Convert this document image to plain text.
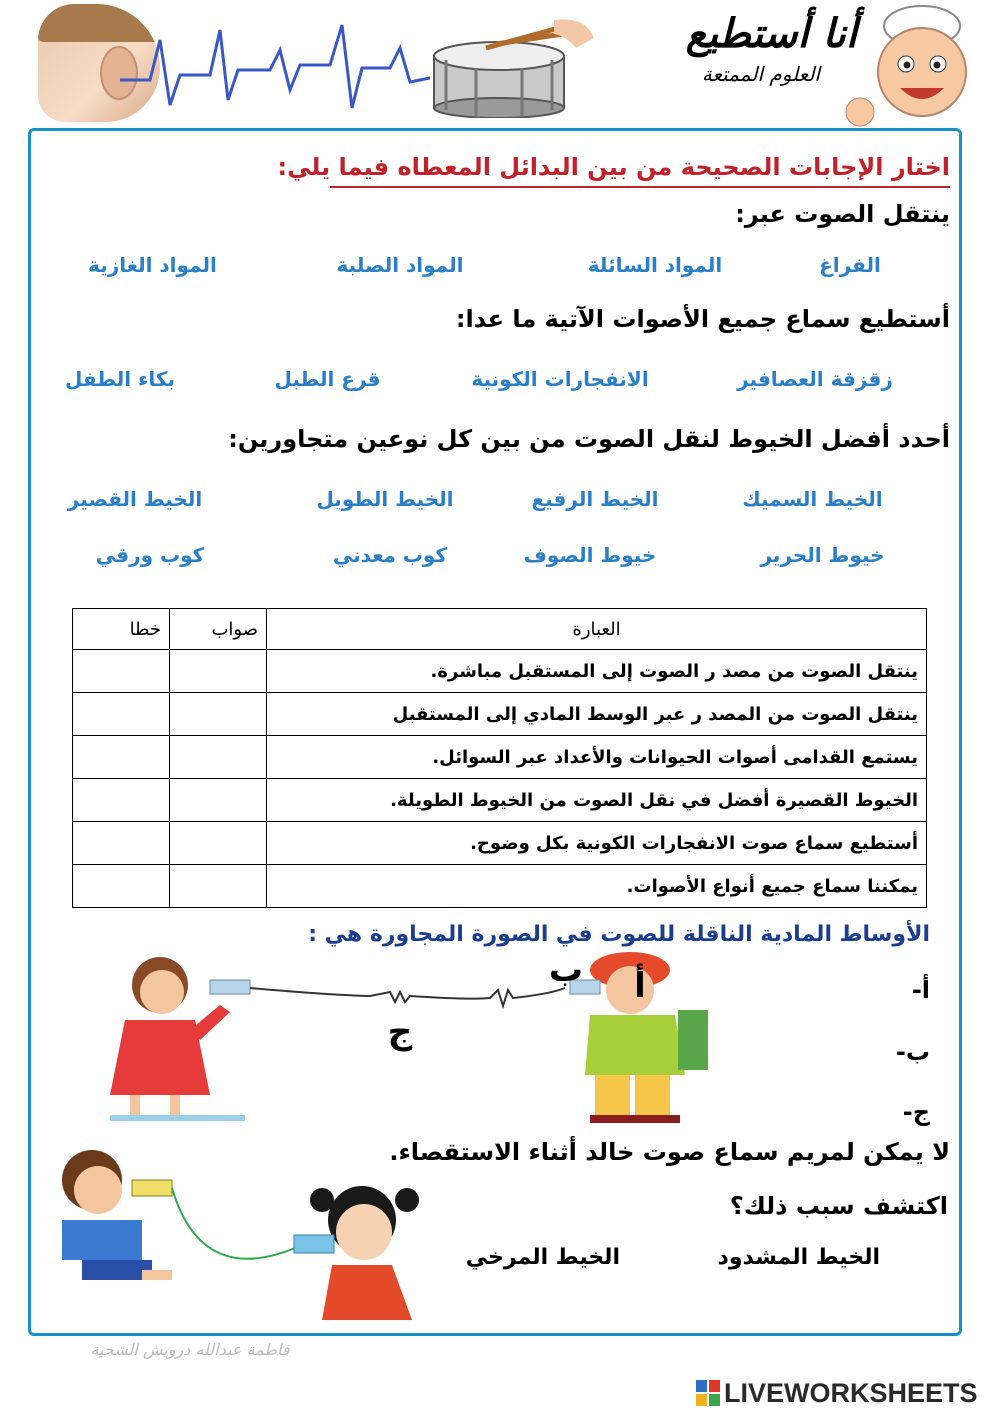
أنا أستطيع
العلوم الممتعة
اختار الإجابات الصحيحة من بين البدائل المعطاه فيما يلي:
ينتقل الصوت عبر:
الفراغ
المواد السائلة
المواد الصلبة
المواد الغازية
أستطيع سماع جميع الأصوات الآتية ما عدا:
زقزقة العصافير
الانفجارات الكونية
قرع الطبل
بكاء الطفل
أحدد أفضل الخيوط لنقل الصوت من بين كل نوعين متجاورين:
الخيط السميك
الخيط الرفيع
الخيط الطويل
الخيط القصير
خيوط الحرير
خيوط الصوف
كوب معدني
كوب ورقي
العبارة	صواب	خطا
ينتقل الصوت من مصد ر الصوت إلى المستقبل مباشرة.		
ينتقل الصوت من المصد ر عبر الوسط المادي إلى المستقبل		
يستمع القدامى أصوات الحيوانات والأعداد عبر السوائل.		
الخيوط القصيرة أفضل في نقل الصوت من الخيوط الطويلة.		
أستطيع سماع صوت الانفجارات الكونية بكل وضوح.		
يمكننا سماع جميع أنواع الأصوات.		
الأوساط المادية الناقلة للصوت في الصورة المجاورة هي :
ب	أ
ج
أ-
ب-
ج-
لا يمكن لمريم سماع صوت خالد أثناء الاستقصاء.
اكتشف سبب ذلك؟
الخيط المشدود
الخيط المرخي
فاطمة عبدالله درويش الشحية
LIVEWORKSHEETS
